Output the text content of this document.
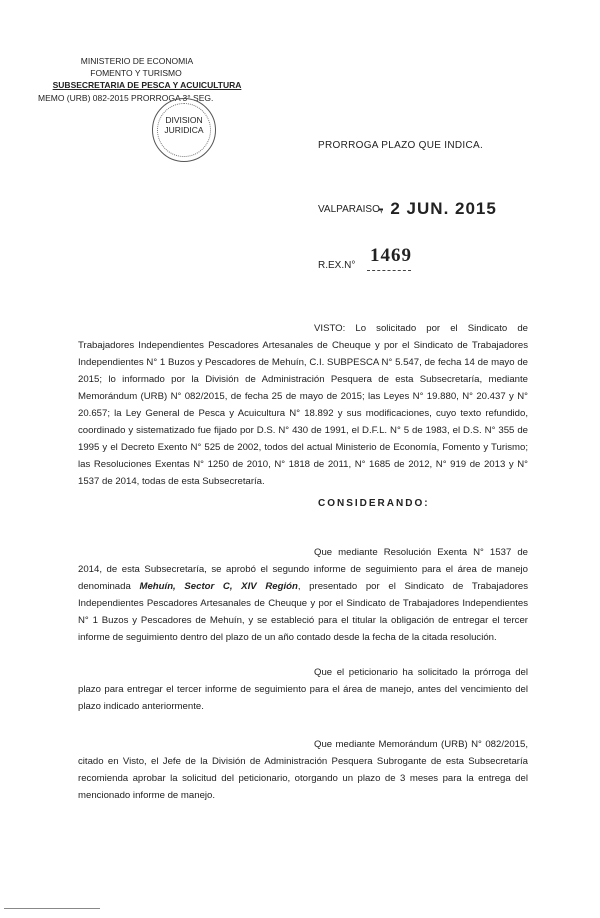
MINISTERIO DE ECONOMIA
FOMENTO Y TURISMO
SUBSECRETARIA DE PESCA Y ACUICULTURA
MEMO (URB) 082-2015 PRORROGA 3° SEG.
DIVISION
JURIDICA
PRORROGA PLAZO QUE INDICA.
VALPARAISO,
- 2 JUN. 2015
R.EX.N° 1469
VISTO: Lo solicitado por el Sindicato de Trabajadores Independientes Pescadores Artesanales de Cheuque y por el Sindicato de Trabajadores Independientes N° 1 Buzos y Pescadores de Mehuín, C.I. SUBPESCA N° 5.547, de fecha 14 de mayo de 2015; lo informado por la División de Administración Pesquera de esta Subsecretaría, mediante Memorándum (URB) N° 082/2015, de fecha 25 de mayo de 2015; las Leyes N° 19.880, N° 20.437 y N° 20.657; la Ley General de Pesca y Acuicultura N° 18.892 y sus modificaciones, cuyo texto refundido, coordinado y sistematizado fue fijado por D.S. N° 430 de 1991, el D.F.L. N° 5 de 1983, el D.S. N° 355 de 1995 y el Decreto Exento N° 525 de 2002, todos del actual Ministerio de Economía, Fomento y Turismo; las Resoluciones Exentas N° 1250 de 2010, N° 1818 de 2011, N° 1685 de 2012, N° 919 de 2013 y N° 1537 de 2014, todas de esta Subsecretaría.
CONSIDERANDO:
Que mediante Resolución Exenta N° 1537 de 2014, de esta Subsecretaría, se aprobó el segundo informe de seguimiento para el área de manejo denominada Mehuín, Sector C, XIV Región, presentado por el Sindicato de Trabajadores Independientes Pescadores Artesanales de Cheuque y por el Sindicato de Trabajadores Independientes N° 1 Buzos y Pescadores de Mehuín, y se estableció para el titular la obligación de entregar el tercer informe de seguimiento dentro del plazo de un año contado desde la fecha de la citada resolución.
Que el peticionario ha solicitado la prórroga del plazo para entregar el tercer informe de seguimiento para el área de manejo, antes del vencimiento del plazo indicado anteriormente.
Que mediante Memorándum (URB) N° 082/2015, citado en Visto, el Jefe de la División de Administración Pesquera Subrogante de esta Subsecretaría recomienda aprobar la solicitud del peticionario, otorgando un plazo de 3 meses para la entrega del mencionado informe de manejo.
